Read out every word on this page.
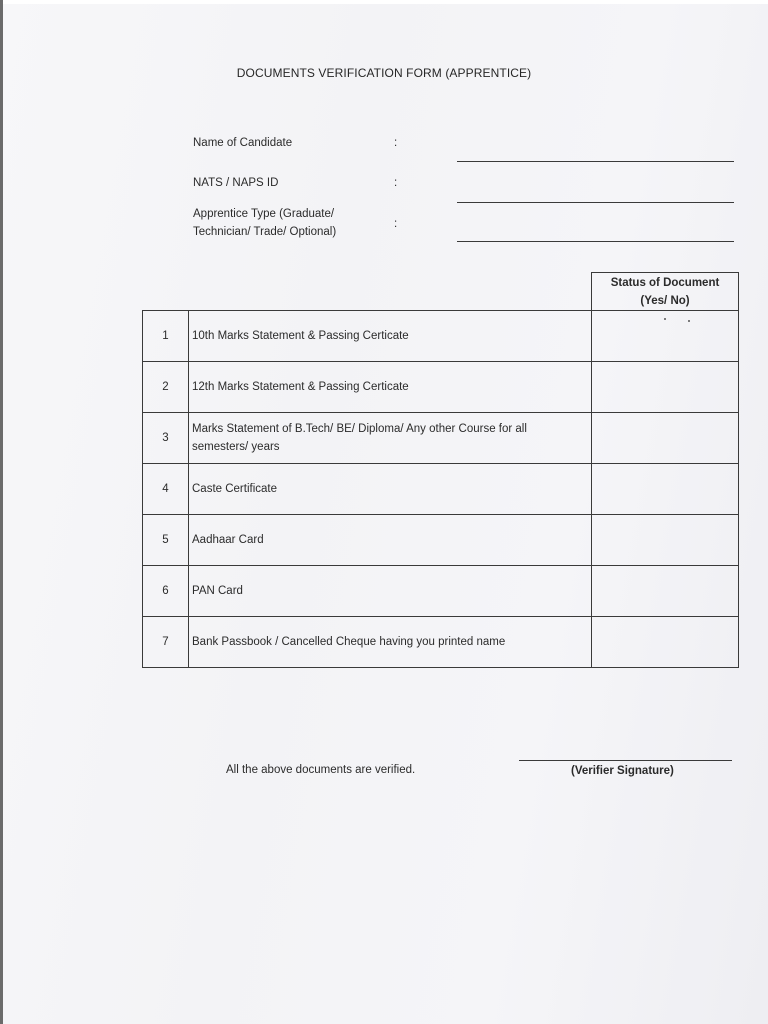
DOCUMENTS VERIFICATION FORM (APPRENTICE)
Name of Candidate	:
NATS / NAPS ID	:
Apprentice Type (Graduate/
Technician/ Trade/ Optional)
:

		Status of Document
(Yes/ No)

1	10th Marks Statement & Passing Certicate	
2	12th Marks Statement & Passing Certicate	
3	Marks Statement of B.Tech/ BE/ Diploma/ Any other Course for all
semesters/ years	

4	Caste Certificate	
5	Aadhaar Card	
6	PAN Card	
7	Bank Passbook / Cancelled Cheque having you printed name	
All the above documents are verified.	(Verifier Signature)
